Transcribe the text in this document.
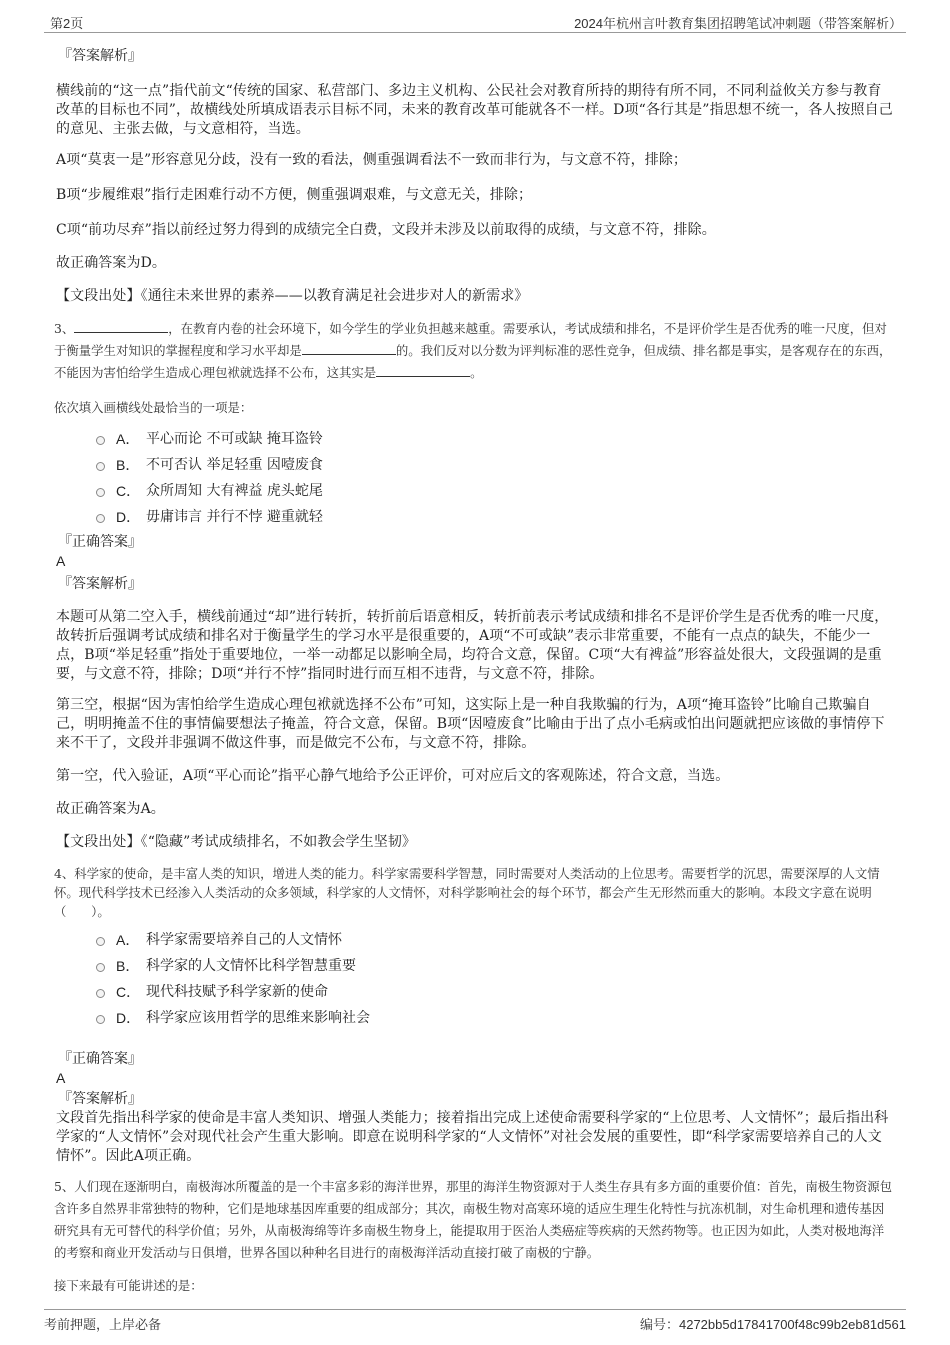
第2页	2024年杭州言叶教育集团招聘笔试冲刺题（带答案解析）

『答案解析』

横线前的“这一点”指代前文“传统的国家、私营部门、多边主义机构、公民社会对教育所持的期待有所不同，不同利益攸关方参与教育改革的目标也不同”，故横线处所填成语表示目标不同，未来的教育改革可能就各不一样。D项“各行其是”指思想不统一，各人按照自己的意见、主张去做，与文意相符，当选。

A项“莫衷一是”形容意见分歧，没有一致的看法，侧重强调看法不一致而非行为，与文意不符，排除；

B项“步履维艰”指行走困难行动不方便，侧重强调艰难，与文意无关，排除；

C项“前功尽弃”指以前经过努力得到的成绩完全白费，文段并未涉及以前取得的成绩，与文意不符，排除。

故正确答案为D。

【文段出处】《通往未来世界的素养——以教育满足社会进步对人的新需求》

3、	，在教育内卷的社会环境下，如今学生的学业负担越来越重。需要承认，考试成绩和排名，不是评价学生是否优秀的唯一尺度，但对于衡量学生对知识的掌握程度和学习水平却是	的。我们反对以分数为评判标准的恶性竞争，但成绩、排名都是事实，是客观存在的东西，不能因为害怕给学生造成心理包袱就选择不公布，这其实是	。

依次填入画横线处最恰当的一项是：

A． 平心而论 不可或缺 掩耳盗铃
B． 不可否认 举足轻重 因噎废食
C． 众所周知 大有裨益 虎头蛇尾
D． 毋庸讳言 并行不悖 避重就轻

『正确答案』

A

『答案解析』

本题可从第二空入手，横线前通过“却”进行转折，转折前后语意相反，转折前表示考试成绩和排名不是评价学生是否优秀的唯一尺度，故转折后强调考试成绩和排名对于衡量学生的学习水平是很重要的，A项“不可或缺”表示非常重要，不能有一点点的缺失，不能少一点，B项“举足轻重”指处于重要地位，一举一动都足以影响全局，均符合文意，保留。C项“大有裨益”形容益处很大，文段强调的是重要，与文意不符，排除；D项“并行不悖”指同时进行而互相不违背，与文意不符，排除。

第三空，根据“因为害怕给学生造成心理包袱就选择不公布”可知，这实际上是一种自我欺骗的行为，A项“掩耳盗铃”比喻自己欺骗自己，明明掩盖不住的事情偏要想法子掩盖，符合文意，保留。B项“因噎废食”比喻由于出了点小毛病或怕出问题就把应该做的事情停下来不干了，文段并非强调不做这件事，而是做完不公布，与文意不符，排除。

第一空，代入验证，A项“平心而论”指平心静气地给予公正评价，可对应后文的客观陈述，符合文意，当选。

故正确答案为A。

【文段出处】《“隐藏”考试成绩排名，不如教会学生坚韧》

4、科学家的使命，是丰富人类的知识，增进人类的能力。科学家需要科学智慧，同时需要对人类活动的上位思考。需要哲学的沉思，需要深厚的人文情怀。现代科学技术已经渗入人类活动的众多领域，科学家的人文情怀，对科学影响社会的每个环节，都会产生无形然而重大的影响。本段文字意在说明（　　）。

A． 科学家需要培养自己的人文情怀
B． 科学家的人文情怀比科学智慧重要
C． 现代科技赋予科学家新的使命
D． 科学家应该用哲学的思维来影响社会

『正确答案』

A

『答案解析』

文段首先指出科学家的使命是丰富人类知识、增强人类能力；接着指出完成上述使命需要科学家的“上位思考、人文情怀”；最后指出科学家的“人文情怀”会对现代社会产生重大影响。即意在说明科学家的“人文情怀”对社会发展的重要性，即“科学家需要培养自己的人文情怀”。因此A项正确。

5、人们现在逐渐明白，南极海冰所覆盖的是一个丰富多彩的海洋世界，那里的海洋生物资源对于人类生存具有多方面的重要价值：首先，南极生物资源包含许多自然界非常独特的物种，它们是地球基因库重要的组成部分；其次，南极生物对高寒环境的适应生理生化特性与抗冻机制，对生命机理和遗传基因研究具有无可替代的科学价值；另外，从南极海绵等许多南极生物身上，能提取用于医治人类癌症等疾病的天然药物等。也正因为如此，人类对极地海洋的考察和商业开发活动与日俱增，世界各国以种种名目进行的南极海洋活动直接打破了南极的宁静。

接下来最有可能讲述的是：

考前押题，上岸必备	编号：4272bb5d17841700f48c99b2eb81d561
